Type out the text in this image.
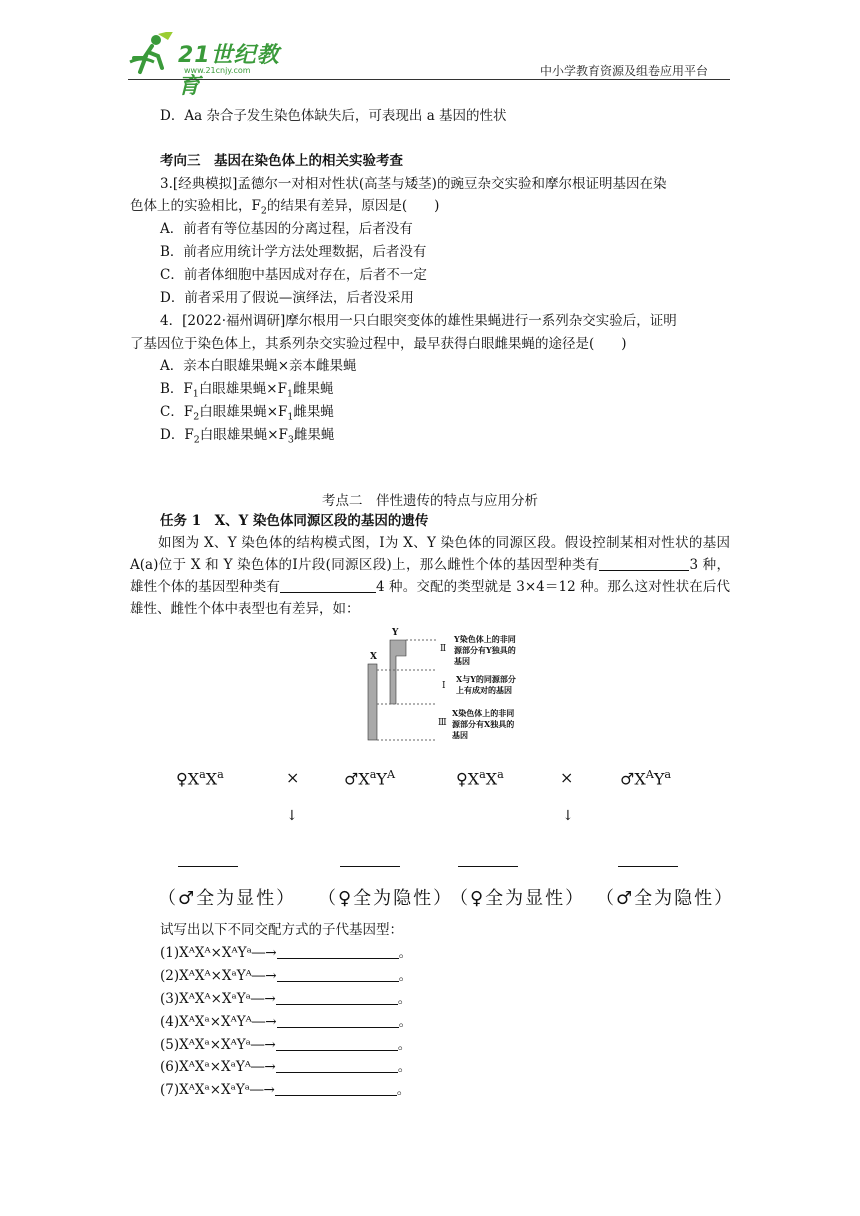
21世纪教育
www.21cnjy.com	中小学教育资源及组卷应用平台
D．Aa 杂合子发生染色体缺失后，可表现出 a 基因的性状
考向三　基因在染色体上的相关实验考查
3.[经典模拟]孟德尔一对相对性状(高茎与矮茎)的豌豆杂交实验和摩尔根证明基因在染
色体上的实验相比，$F_2$的结果有差异，原因是(　　)
A．前者有等位基因的分离过程，后者没有
B．前者应用统计学方法处理数据，后者没有
C．前者体细胞中基因成对存在，后者不一定
D．前者采用了假说—演绎法，后者没采用
4．[2022·福州调研]摩尔根用一只白眼突变体的雄性果蝇进行一系列杂交实验后，证明
了基因位于染色体上，其系列杂交实验过程中，最早获得白眼雌果蝇的途径是(　　)
A．亲本白眼雄果蝇×亲本雌果蝇
B．$F_1$白眼雄果蝇$\times F_1$雌果蝇
C．$F_2$白眼雄果蝇$\times F_1$雌果蝇
D．$F_2$白眼雄果蝇$\times F_3$雌果蝇
考点二　伴性遗传的特点与应用分析
任务 1　X、Y 染色体同源区段的基因的遗传
如图为 X、Y 染色体的结构模式图，Ⅰ为 X、Y 染色体的同源区段。假设控制某相对性状的基因 A(a)位于 X 和 Y 染色体的Ⅰ片段(同源区段)上，那么雌性个体的基因型种类有	3 种，雄性个体的基因型种类有	4 种。交配的类型就是 3×4＝12 种。那么这对性状在后代雄性、雌性个体中表型也有差异，如：
X
Y
Ⅱ
Ⅰ
Ⅲ
Y染色体上的非同
源部分有Y独具的
基因
X与Y的同源部分
上有成对的基因
X染色体上的非同
源部分有X独具的
基因
$♀X^aX^a$	×	$♂X^aY^A$	$♀X^aX^a$	×	$♂X^AY^a$
↓	↓
（♂全为显性） （♀全为隐性）
（♀全为显性） （♂全为隐性）
试写出以下不同交配方式的子代基因型：
(1)XᴬXᴬ×XᴬYᵃ―→	。
(2)XᴬXᴬ×XᵃYᴬ―→	。
(3)XᴬXᴬ×XᵃYᵃ―→	。
(4)XᴬXᵃ×XᴬYᴬ―→	。
(5)XᴬXᵃ×XᴬYᵃ―→	。
(6)XᴬXᵃ×XᵃYᴬ―→	。
(7)XᴬXᵃ×XᵃYᵃ―→	。
